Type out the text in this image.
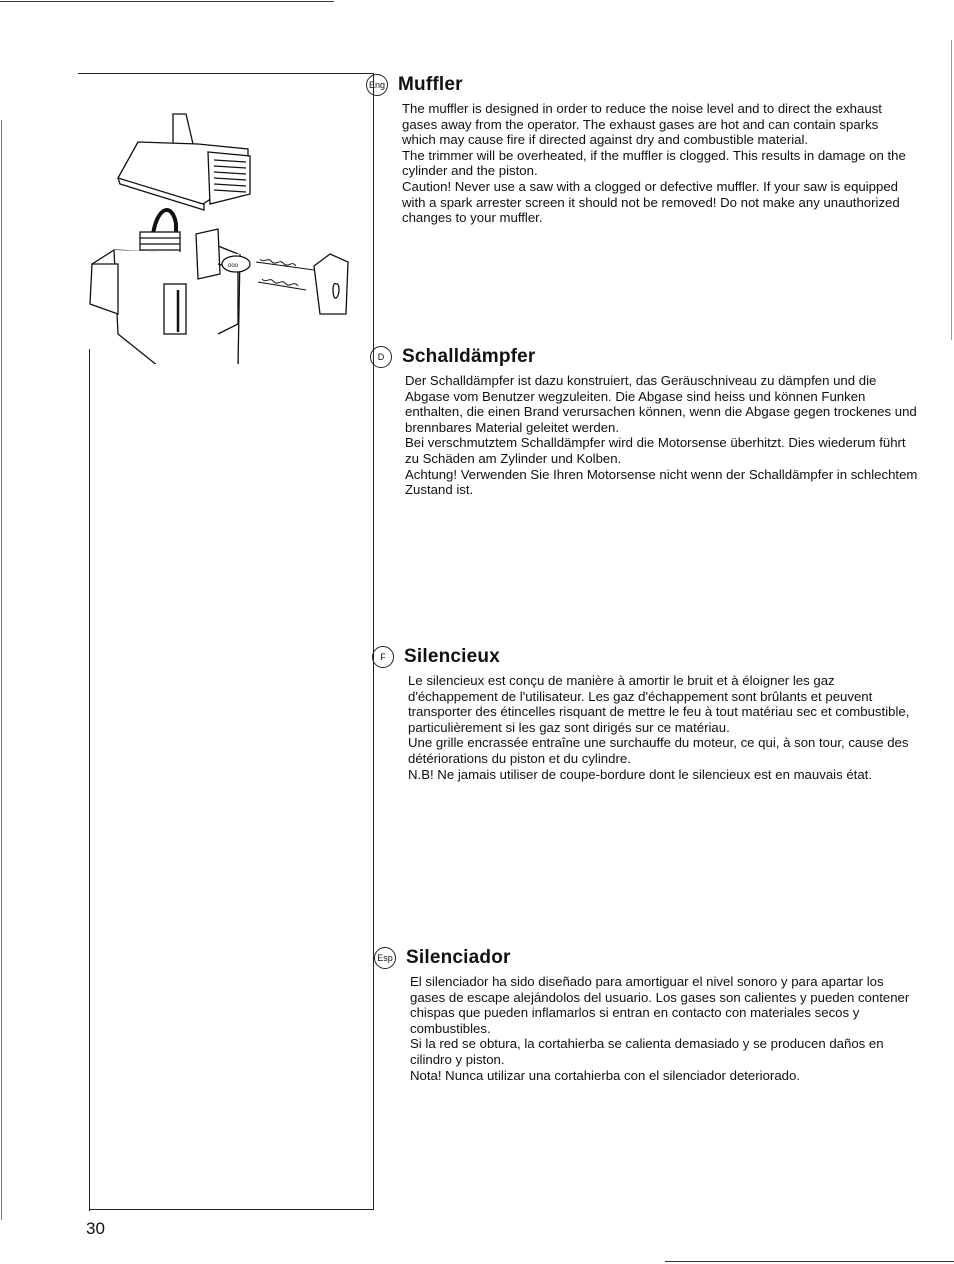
ooo
Eng Muffler

The muffler is designed in order to reduce the noise level and to direct the exhaust gases away from the operator. The exhaust gases are hot and can contain sparks which may cause fire if directed against dry and combustible material.

The trimmer will be overheated, if the muffler is clogged. This results in damage on the cylinder and the piston.

Caution! Never use a saw with a clogged or defective muffler. If your saw is equipped with a spark arrester screen it should not be removed! Do not make any unauthorized changes to your muffler.

D Schalldämpfer

Der Schalldämpfer ist dazu konstruiert, das Geräuschniveau zu dämpfen und die Abgase vom Benutzer wegzuleiten. Die Abgase sind heiss und können Funken enthalten, die einen Brand verursachen können, wenn die Abgase gegen trockenes und brennbares Material geleitet werden.

Bei verschmutztem Schalldämpfer wird die Motorsense überhitzt. Dies wiederum führt zu Schäden am Zylinder und Kolben.

Achtung! Verwenden Sie Ihren Motorsense nicht wenn der Schalldämpfer in schlechtem Zustand ist.

F Silencieux

Le silencieux est conçu de manière à amortir le bruit et à éloigner les gaz d'échappement de l'utilisateur. Les gaz d'échappement sont brûlants et peuvent transporter des étincelles risquant de mettre le feu à tout matériau sec et combustible, particulièrement si les gaz sont dirigés sur ce matériau.

Une grille encrassée entraîne une surchauffe du moteur, ce qui, à son tour, cause des détériorations du piston et du cylindre.

N.B! Ne jamais utiliser de coupe-bordure dont le silencieux est en mauvais état.

Esp Silenciador

El silenciador ha sido diseñado para amortiguar el nivel sonoro y para apartar los gases de escape alejándolos del usuario. Los gases son calientes y pueden contener chispas que pueden inflamarlos si entran en contacto con materiales secos y combustibles.

Si la red se obtura, la cortahierba se calienta demasiado y se producen daños en cilindro y piston.

Nota! Nunca utilizar una cortahierba con el silenciador deteriorado.

30
